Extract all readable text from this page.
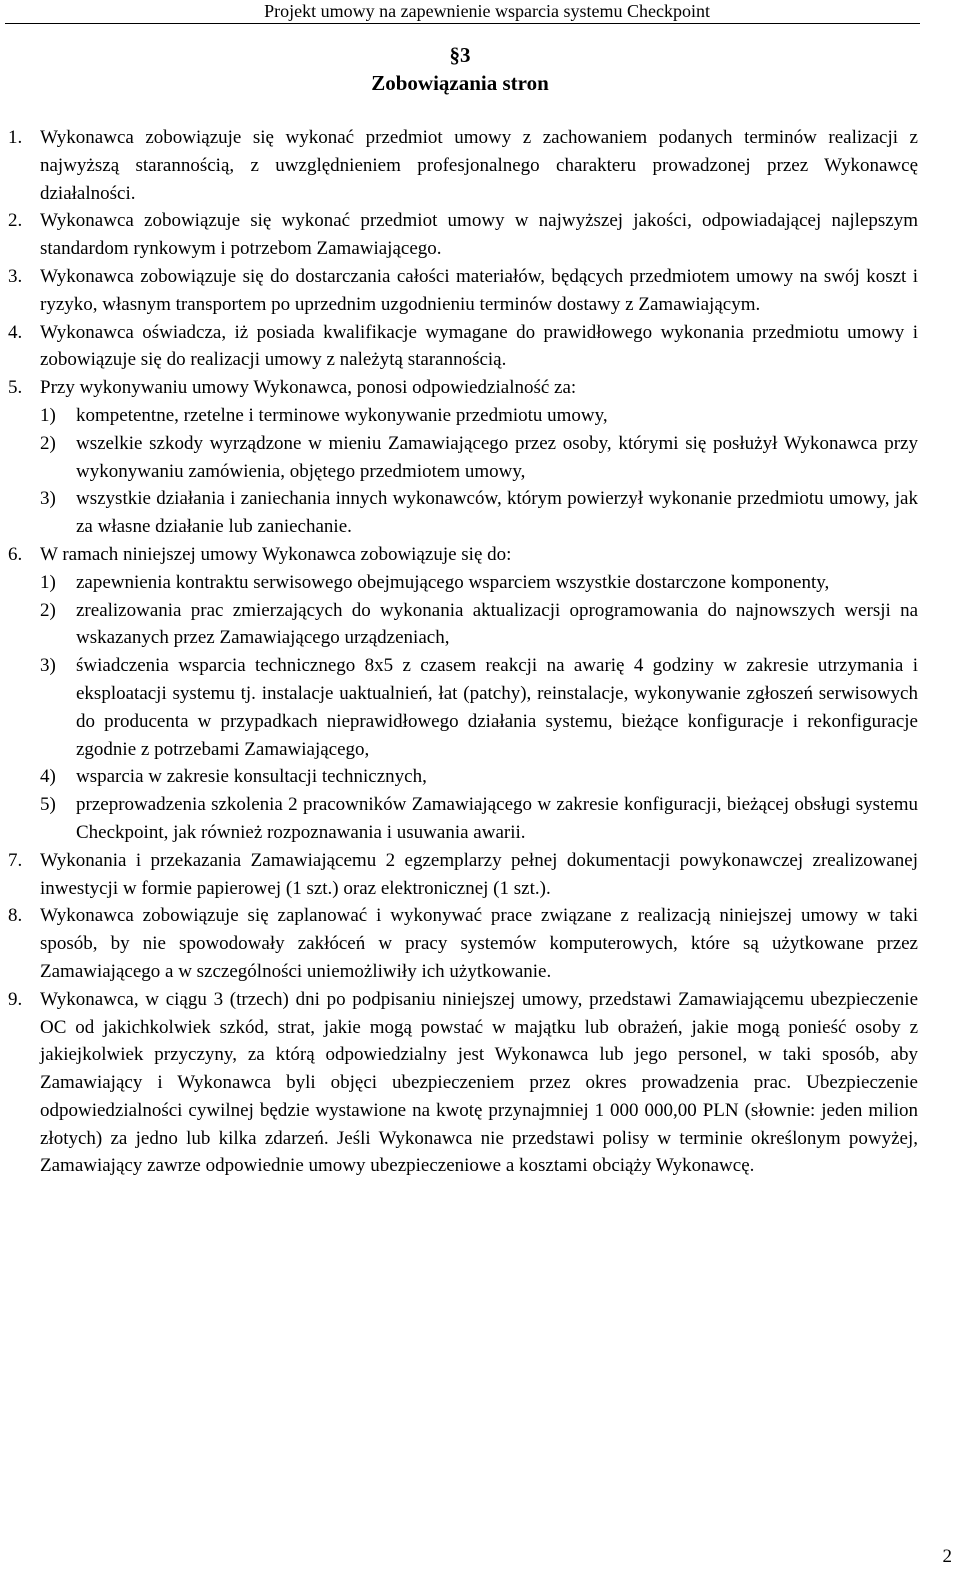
Projekt umowy na zapewnienie wsparcia systemu Checkpoint
§3
Zobowiązania stron
1. Wykonawca zobowiązuje się wykonać przedmiot umowy z zachowaniem podanych terminów realizacji z najwyższą starannością, z uwzględnieniem profesjonalnego charakteru prowadzonej przez Wykonawcę działalności.
2. Wykonawca zobowiązuje się wykonać przedmiot umowy w najwyższej jakości, odpowiadającej najlepszym standardom rynkowym i potrzebom Zamawiającego.
3. Wykonawca zobowiązuje się do dostarczania całości materiałów, będących przedmiotem umowy na swój koszt i ryzyko, własnym transportem po uprzednim uzgodnieniu terminów dostawy z Zamawiającym.
4. Wykonawca oświadcza, iż posiada kwalifikacje wymagane do prawidłowego wykonania przedmiotu umowy i zobowiązuje się do realizacji umowy z należytą starannością.
5. Przy wykonywaniu umowy Wykonawca, ponosi odpowiedzialność za:
1) kompetentne, rzetelne i terminowe wykonywanie przedmiotu umowy,
2) wszelkie szkody wyrządzone w mieniu Zamawiającego przez osoby, którymi się posłużył Wykonawca przy wykonywaniu zamówienia, objętego przedmiotem umowy,
3) wszystkie działania i zaniechania innych wykonawców, którym powierzył wykonanie przedmiotu umowy, jak za własne działanie lub zaniechanie.
6. W ramach niniejszej umowy Wykonawca zobowiązuje się do:
1) zapewnienia kontraktu serwisowego obejmującego wsparciem wszystkie dostarczone komponenty,
2) zrealizowania prac zmierzających do wykonania aktualizacji oprogramowania do najnowszych wersji na wskazanych przez Zamawiającego urządzeniach,
3) świadczenia wsparcia technicznego 8x5 z czasem reakcji na awarię 4 godziny w zakresie utrzymania i eksploatacji systemu tj. instalacje uaktualnień, łat (patchy), reinstalacje, wykonywanie zgłoszeń serwisowych do producenta w przypadkach nieprawidłowego działania systemu, bieżące konfiguracje i rekonfiguracje zgodnie z potrzebami Zamawiającego,
4) wsparcia w zakresie konsultacji technicznych,
5) przeprowadzenia szkolenia 2 pracowników Zamawiającego w zakresie konfiguracji, bieżącej obsługi systemu Checkpoint, jak również rozpoznawania i usuwania awarii.
7. Wykonania i przekazania Zamawiającemu 2 egzemplarzy pełnej dokumentacji powykonawczej zrealizowanej inwestycji w formie papierowej (1 szt.) oraz elektronicznej (1 szt.).
8. Wykonawca zobowiązuje się zaplanować i wykonywać prace związane z realizacją niniejszej umowy w taki sposób, by nie spowodowały zakłóceń w pracy systemów komputerowych, które są użytkowane przez Zamawiającego a w szczególności uniemożliwiły ich użytkowanie.
9. Wykonawca, w ciągu 3 (trzech) dni po podpisaniu niniejszej umowy, przedstawi Zamawiającemu ubezpieczenie OC od jakichkolwiek szkód, strat, jakie mogą powstać w majątku lub obrażeń, jakie mogą ponieść osoby z jakiejkolwiek przyczyny, za którą odpowiedzialny jest Wykonawca lub jego personel, w taki sposób, aby Zamawiający i Wykonawca byli objęci ubezpieczeniem przez okres prowadzenia prac. Ubezpieczenie odpowiedzialności cywilnej będzie wystawione na kwotę przynajmniej 1 000 000,00 PLN (słownie: jeden milion złotych) za jedno lub kilka zdarzeń. Jeśli Wykonawca nie przedstawi polisy w terminie określonym powyżej, Zamawiający zawrze odpowiednie umowy ubezpieczeniowe a kosztami obciąży Wykonawcę.
2
